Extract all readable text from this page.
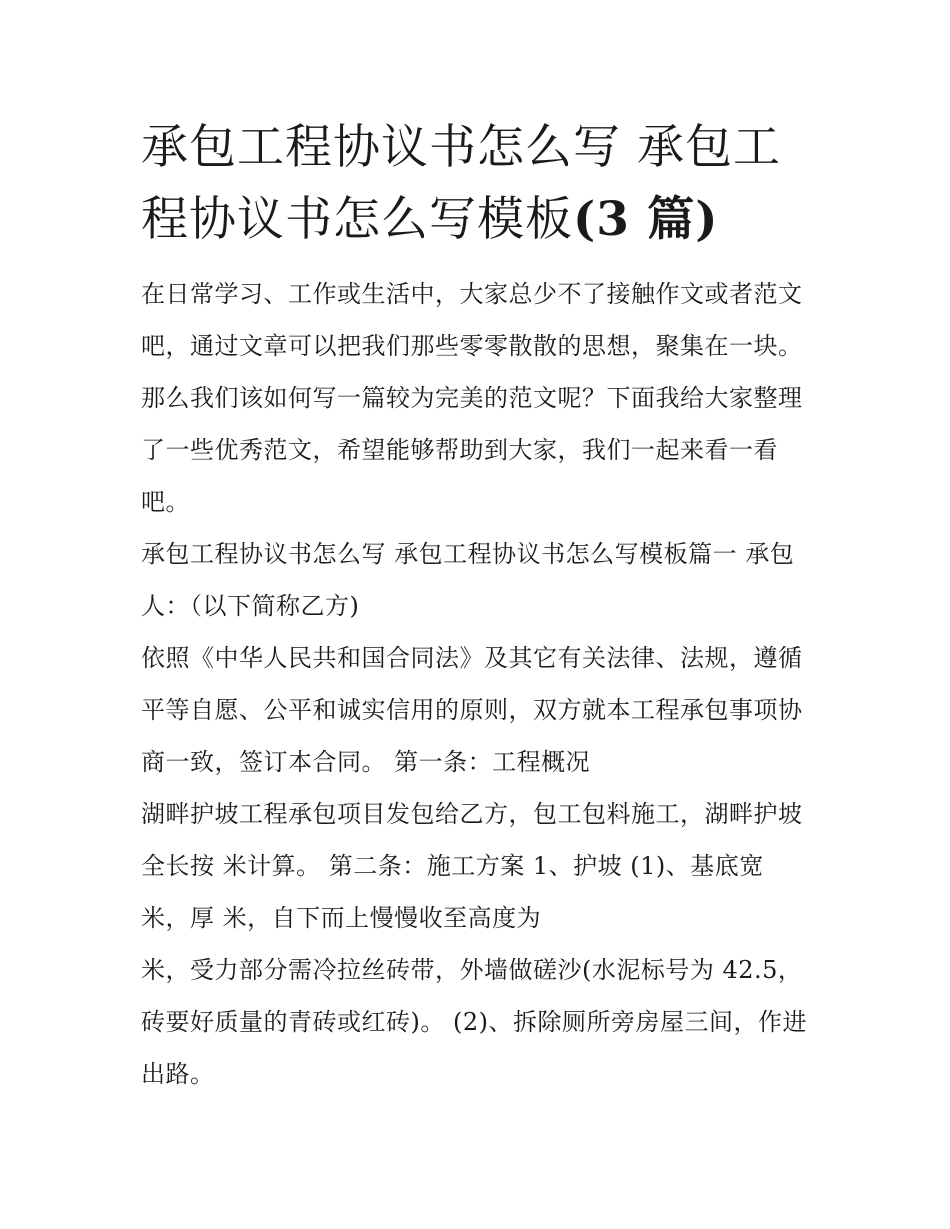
承包工程协议书怎么写 承包工程协议书怎么写模板(3 篇)

在日常学习、工作或生活中，大家总少不了接触作文或者范文吧，通过文章可以把我们那些零零散散的思想，聚集在一块。那么我们该如何写一篇较为完美的范文呢？下面我给大家整理了一些优秀范文，希望能够帮助到大家，我们一起来看一看吧。

承包工程协议书怎么写 承包工程协议书怎么写模板篇一 承包人：（以下简称乙方)

依照《中华人民共和国合同法》及其它有关法律、法规，遵循平等自愿、公平和诚实信用的原则，双方就本工程承包事项协商一致，签订本合同。 第一条：工程概况

湖畔护坡工程承包项目发包给乙方，包工包料施工，湖畔护坡全长按 米计算。 第二条：施工方案 1、护坡 (1)、基底宽 米，厚 米，自下而上慢慢收至高度为

米，受力部分需冷拉丝砖带，外墙做磋沙(水泥标号为 42.5，砖要好质量的青砖或红砖)。 (2)、拆除厕所旁房屋三间，作进出路。
